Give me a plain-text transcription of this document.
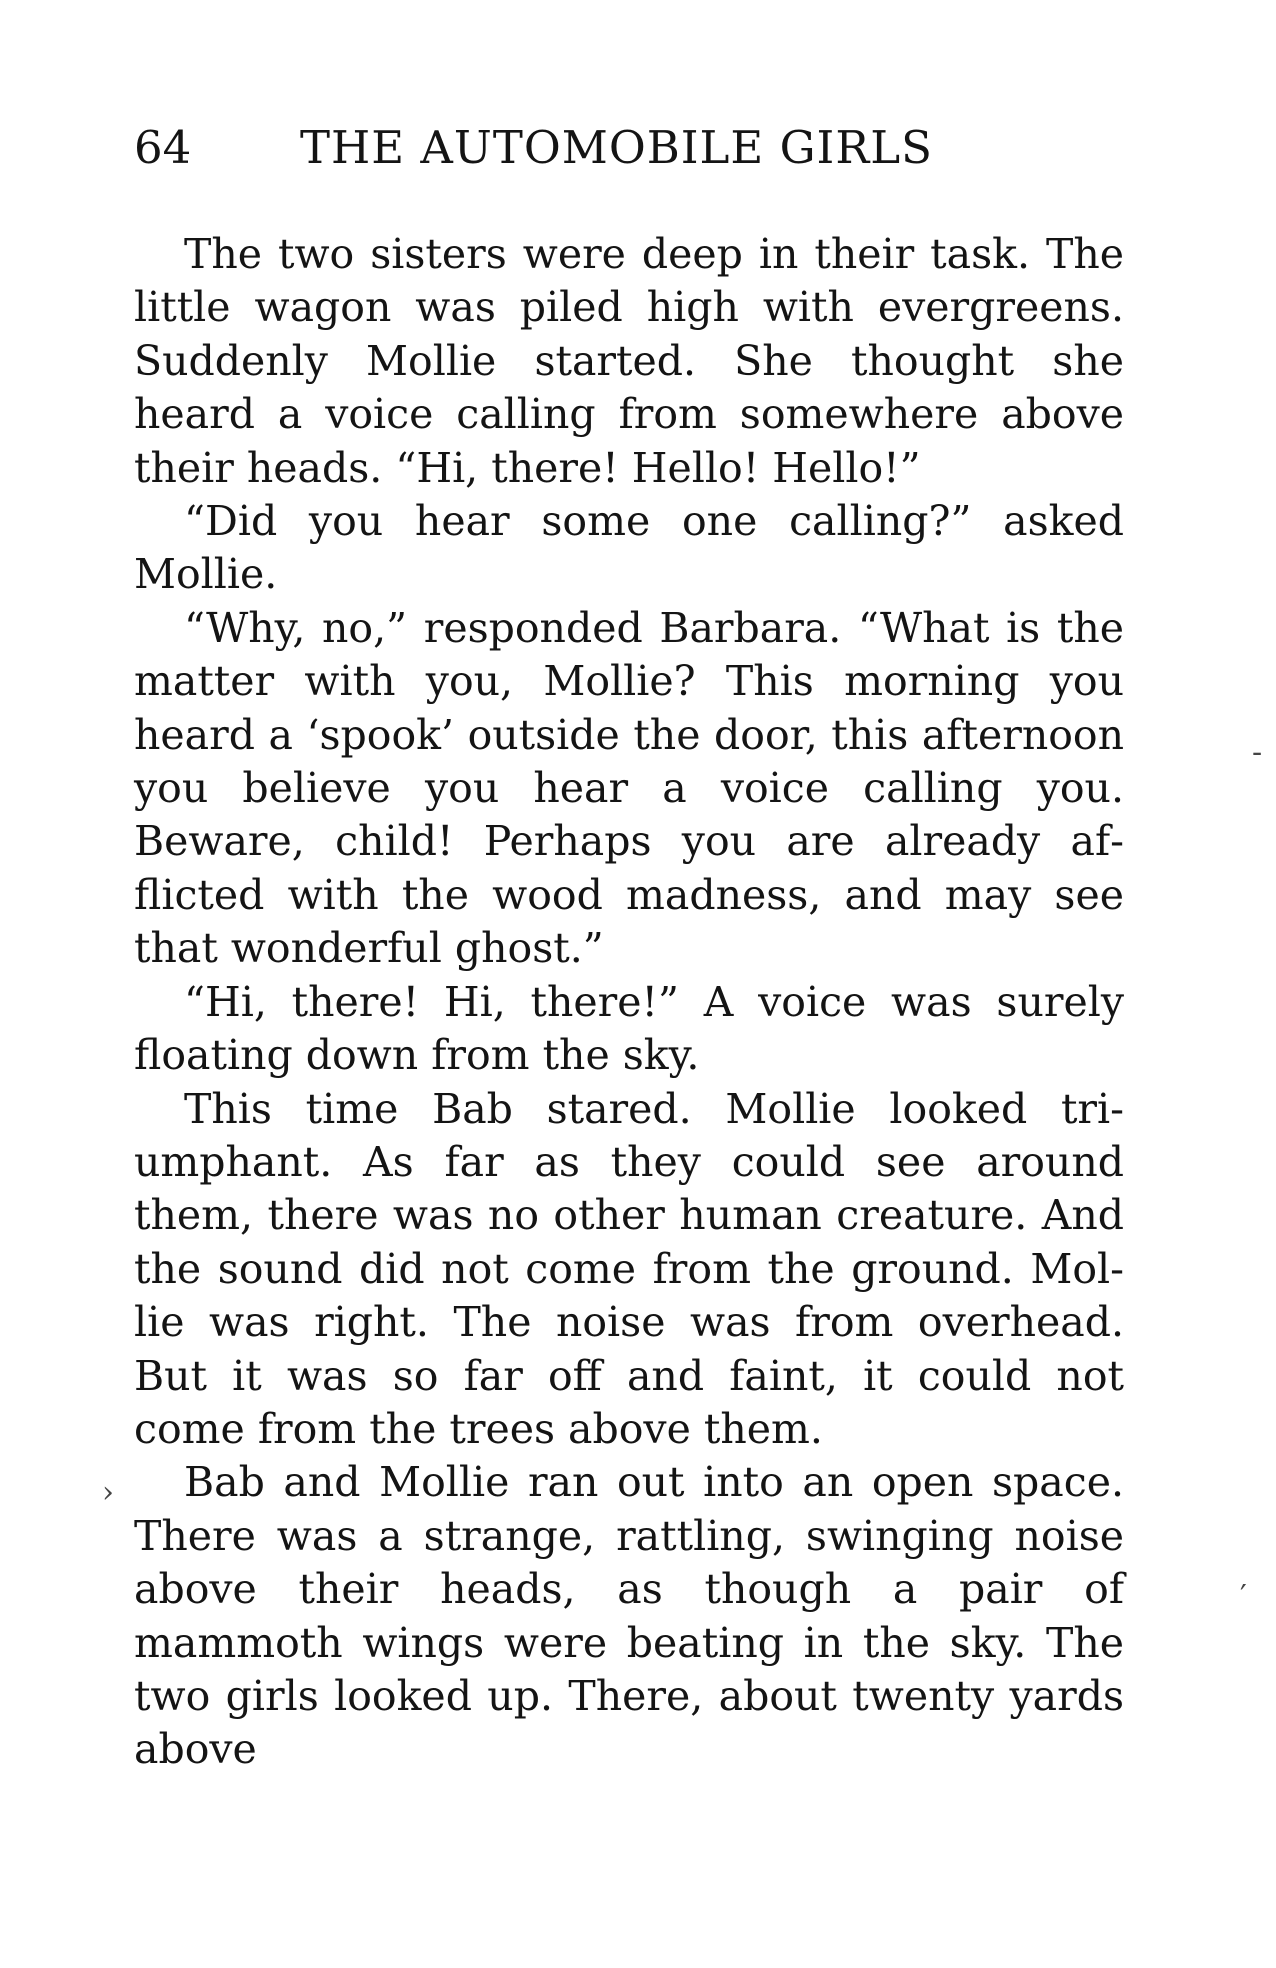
64 THE AUTOMOBILE GIRLS

The two sisters were deep in their task. The little wagon was piled high with evergreens. Suddenly Mollie started. She thought she heard a voice calling from somewhere above their heads. “Hi, there! Hello! Hello!”

“Did you hear some one calling?” asked Mollie.

“Why, no,” responded Barbara. “What is the matter with you, Mollie? This morning you heard a ‘spook’ outside the door, this afternoon you believe you hear a voice calling you. Beware, child! Perhaps you are already afflicted with the wood madness, and may see that wonderful ghost.”

“Hi, there! Hi, there!” A voice was surely floating down from the sky.

This time Bab stared. Mollie looked triumphant. As far as they could see around them, there was no other human creature. And the sound did not come from the ground. Mollie was right. The noise was from overhead. But it was so far off and faint, it could not come from the trees above them.

Bab and Mollie ran out into an open space. There was a strange, rattling, swinging noise above their heads, as though a pair of mammoth wings were beating in the sky. The two girls looked up. There, about twenty yards above

›
′
-
